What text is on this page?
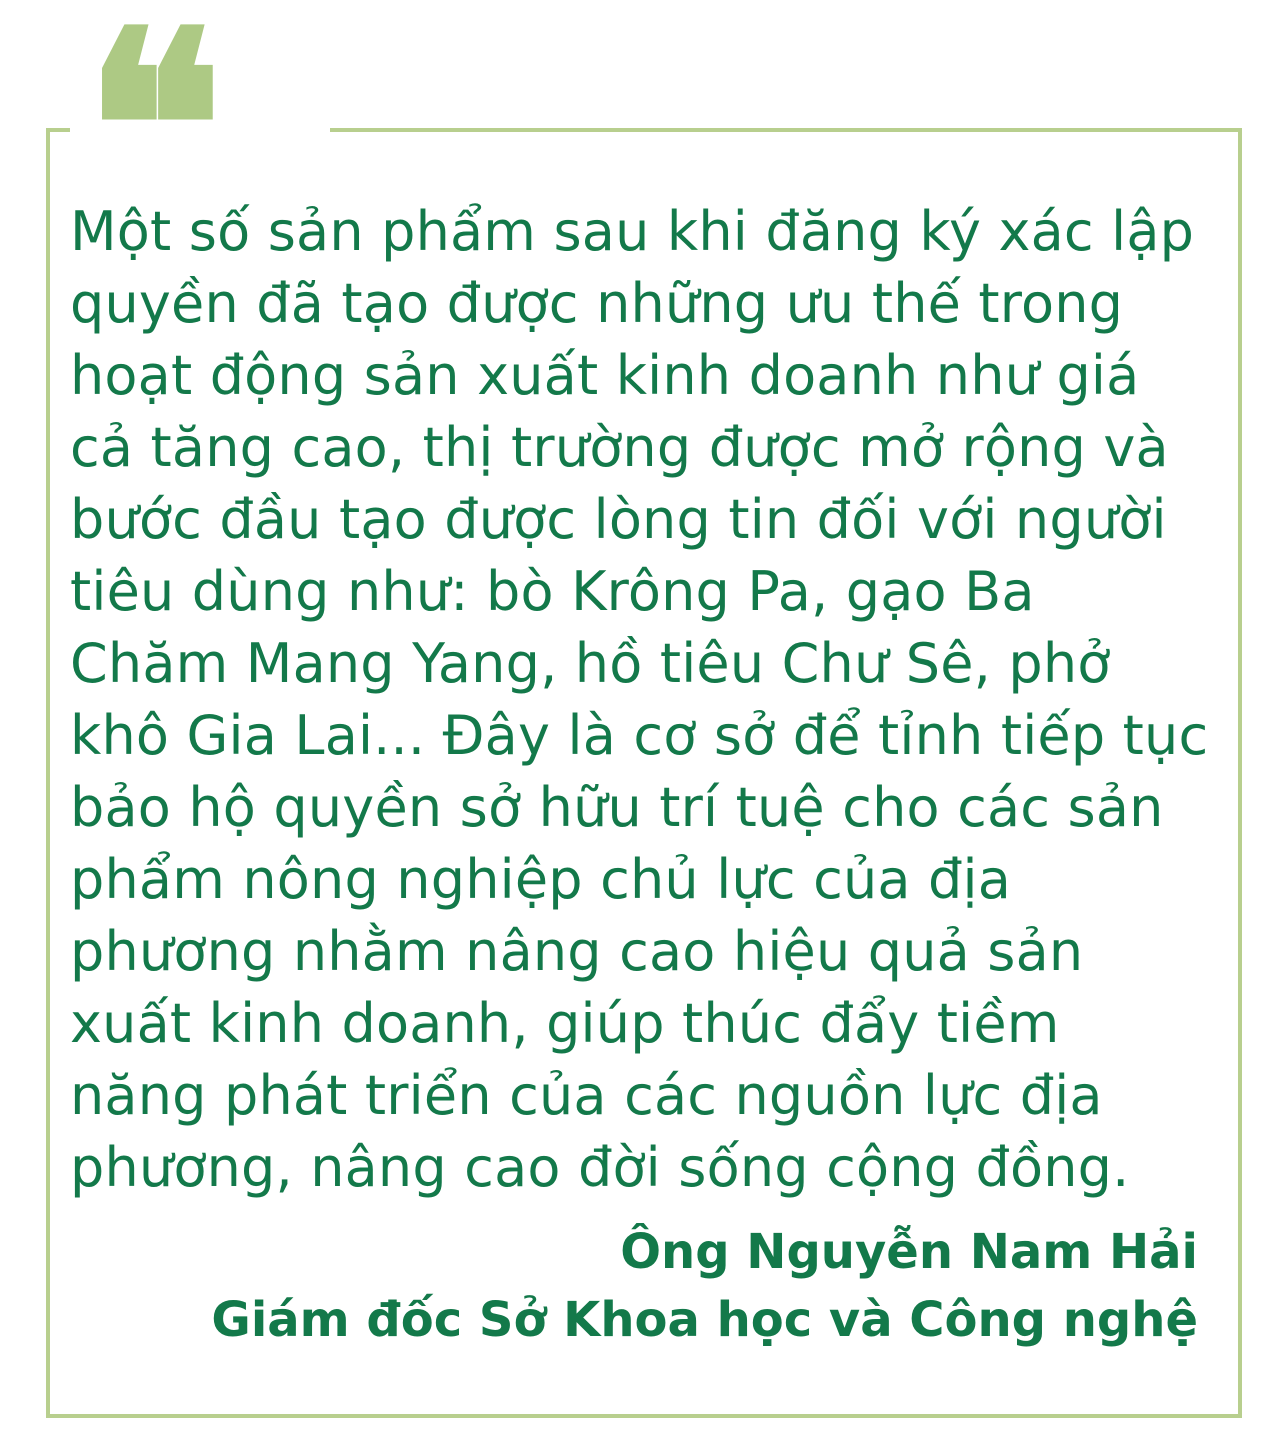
❝

Một số sản phẩm sau khi đăng ký xác lập quyền đã tạo được những ưu thế trong hoạt động sản xuất kinh doanh như giá cả tăng cao, thị trường được mở rộng và bước đầu tạo được lòng tin đối với người tiêu dùng như: bò Krông Pa, gạo Ba Chăm Mang Yang, hồ tiêu Chư Sê, phở khô Gia Lai... Đây là cơ sở để tỉnh tiếp tục bảo hộ quyền sở hữu trí tuệ cho các sản phẩm nông nghiệp chủ lực của địa phương nhằm nâng cao hiệu quả sản xuất kinh doanh, giúp thúc đẩy tiềm năng phát triển của các nguồn lực địa phương, nâng cao đời sống cộng đồng.

Ông Nguyễn Nam Hải
Giám đốc Sở Khoa học và Công nghệ
